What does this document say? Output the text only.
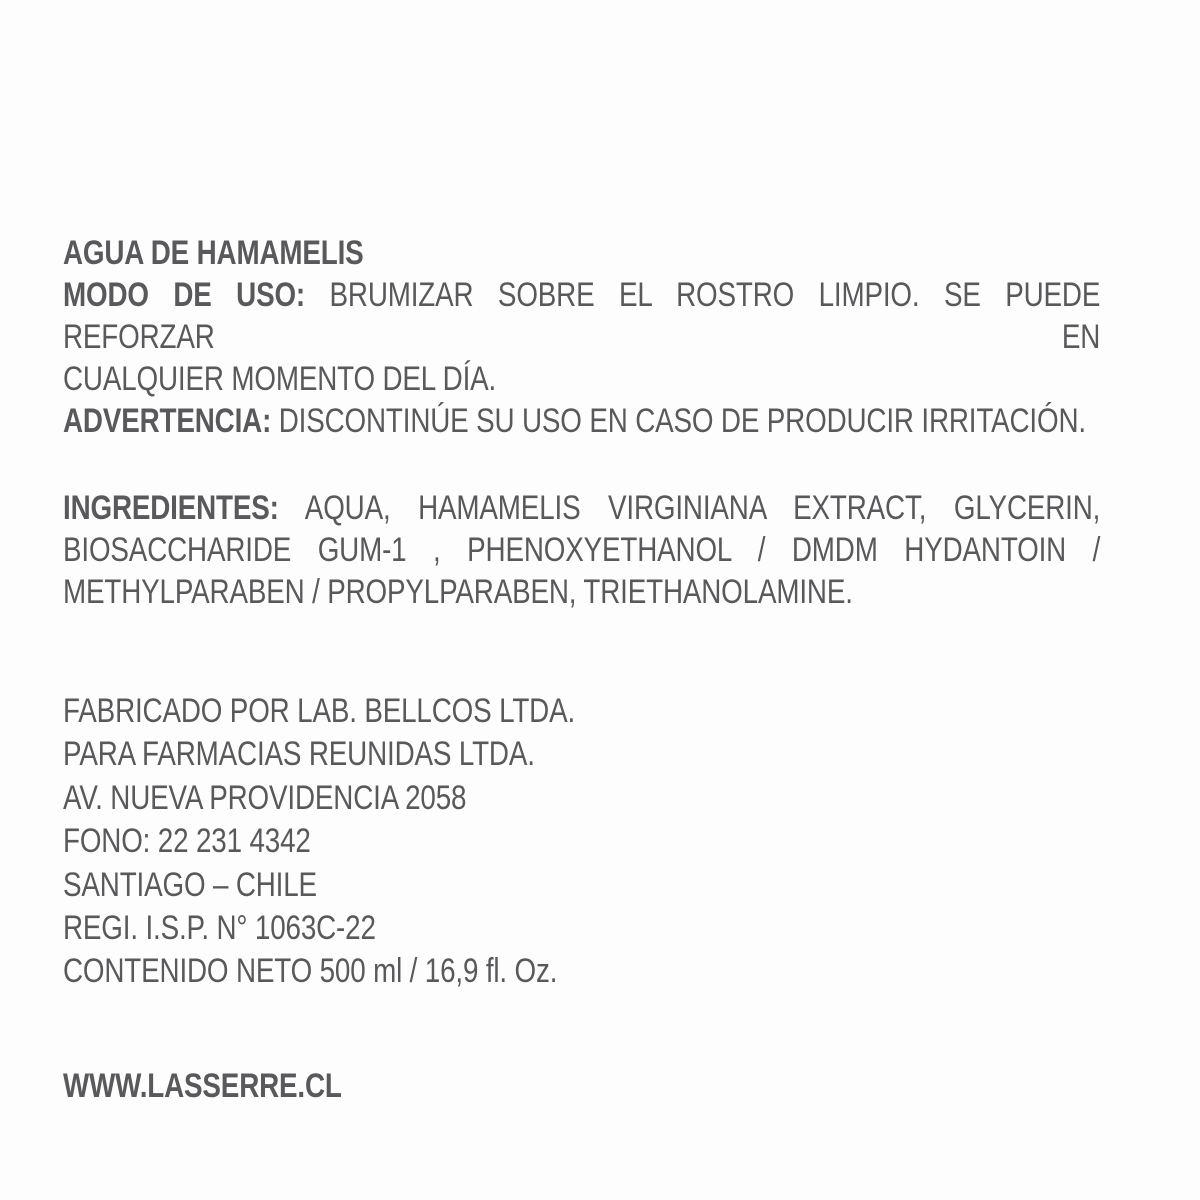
AGUA DE HAMAMELIS
MODO DE USO: BRUMIZAR SOBRE EL ROSTRO LIMPIO. SE PUEDE REFORZAR EN
CUALQUIER MOMENTO DEL DÍA.
ADVERTENCIA: DISCONTINÚE SU USO EN CASO DE PRODUCIR IRRITACIÓN.
INGREDIENTES: AQUA, HAMAMELIS VIRGINIANA EXTRACT, GLYCERIN,
BIOSACCHARIDE GUM-1 , PHENOXYETHANOL / DMDM HYDANTOIN /
METHYLPARABEN / PROPYLPARABEN, TRIETHANOLAMINE.
FABRICADO POR LAB. BELLCOS LTDA.
PARA FARMACIAS REUNIDAS LTDA.
AV. NUEVA PROVIDENCIA 2058
FONO: 22 231 4342
SANTIAGO – CHILE
REGI. I.S.P. N° 1063C-22
CONTENIDO NETO 500 ml / 16,9 fl. Oz.
WWW.LASSERRE.CL
